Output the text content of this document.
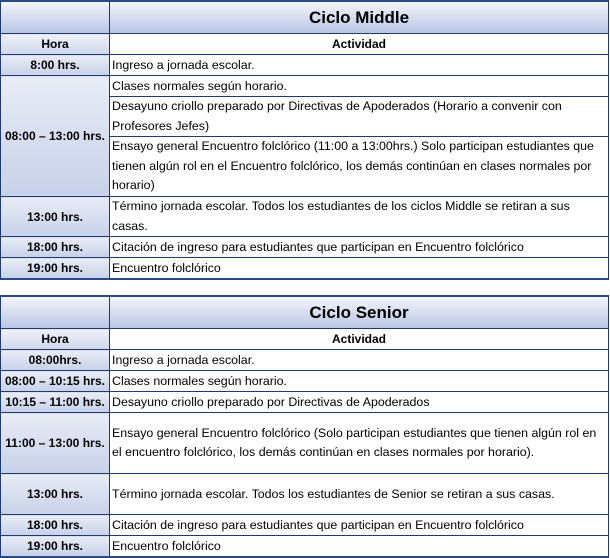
	Ciclo Middle
Hora	Actividad
8:00 hrs.	Ingreso a jornada escolar.
08:00 – 13:00 hrs.	Clases normales según horario.
	Desayuno criollo preparado por Directivas de Apoderados (Horario a convenir con Profesores Jefes)
	Ensayo general Encuentro folclórico (11:00 a 13:00hrs.) Solo participan estudiantes que tienen algún rol en el Encuentro folclórico, los demás continúan en clases normales por horario)
13:00 hrs.	Término jornada escolar. Todos los estudiantes de los ciclos Middle se retiran a sus casas.
18:00 hrs.	Citación de ingreso para estudiantes que participan en Encuentro folclórico
19:00 hrs.	Encuentro folclórico
	Ciclo Senior
Hora	Actividad
08:00hrs.	Ingreso a jornada escolar.
08:00 – 10:15 hrs.	Clases normales según horario.
10:15 – 11:00 hrs.	Desayuno criollo preparado por Directivas de Apoderados
11:00 – 13:00 hrs.	Ensayo general Encuentro folclórico (Solo participan estudiantes que tienen algún rol en el encuentro folclórico, los demás continúan en clases normales por horario).
13:00 hrs.	Término jornada escolar. Todos los estudiantes de Senior se retiran a sus casas.
18:00 hrs.	Citación de ingreso para estudiantes que participan en Encuentro folclórico
19:00 hrs.	Encuentro folclórico
